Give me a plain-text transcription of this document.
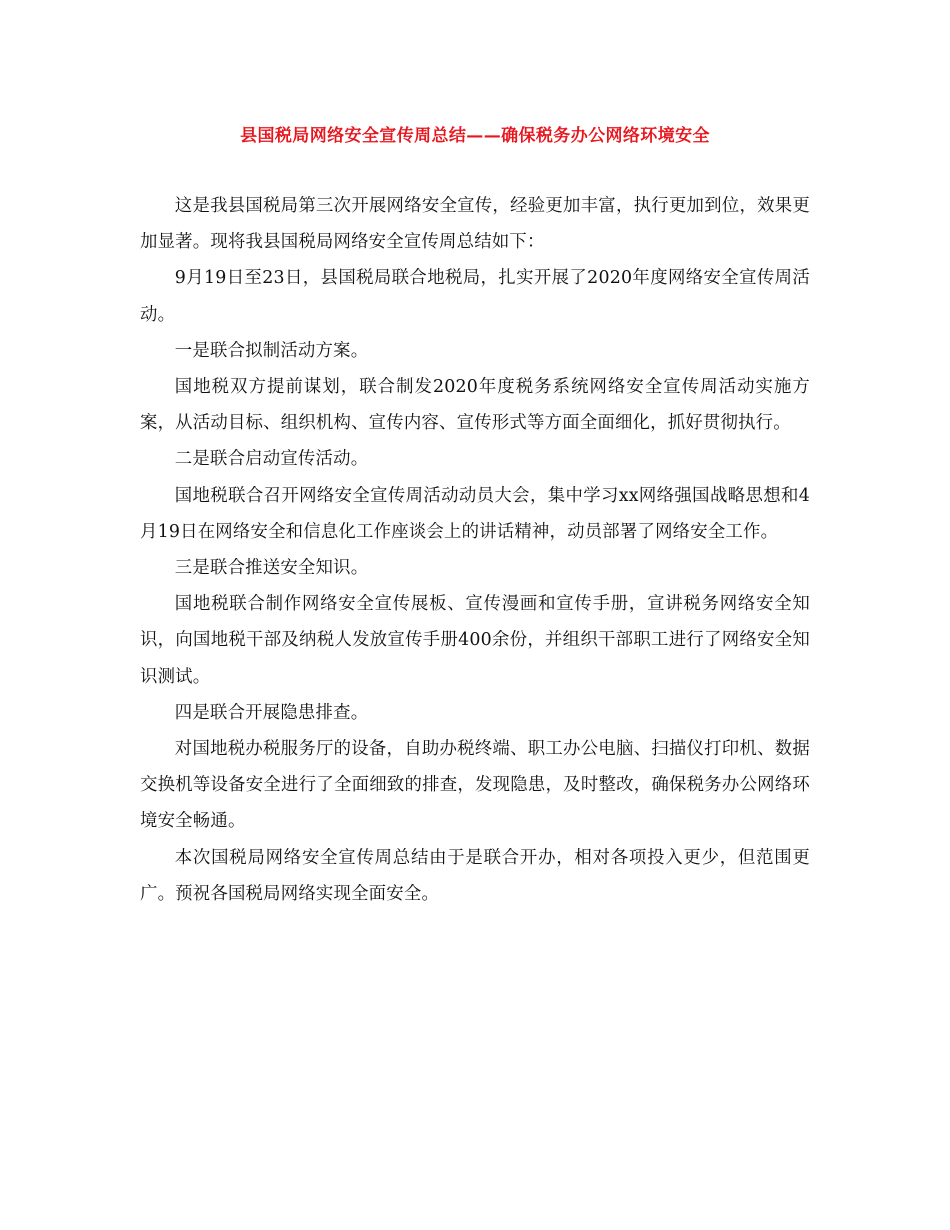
县国税局网络安全宣传周总结——确保税务办公网络环境安全

这是我县国税局第三次开展网络安全宣传，经验更加丰富，执行更加到位，效果更加显著。现将我县国税局网络安全宣传周总结如下：

9月19日至23日，县国税局联合地税局，扎实开展了2020年度网络安全宣传周活动。

一是联合拟制活动方案。

国地税双方提前谋划，联合制发2020年度税务系统网络安全宣传周活动实施方案，从活动目标、组织机构、宣传内容、宣传形式等方面全面细化，抓好贯彻执行。

二是联合启动宣传活动。

国地税联合召开网络安全宣传周活动动员大会，集中学习xx网络强国战略思想和4月19日在网络安全和信息化工作座谈会上的讲话精神，动员部署了网络安全工作。

三是联合推送安全知识。

国地税联合制作网络安全宣传展板、宣传漫画和宣传手册，宣讲税务网络安全知识，向国地税干部及纳税人发放宣传手册400余份，并组织干部职工进行了网络安全知识测试。

四是联合开展隐患排查。

对国地税办税服务厅的设备，自助办税终端、职工办公电脑、扫描仪打印机、数据交换机等设备安全进行了全面细致的排查，发现隐患，及时整改，确保税务办公网络环境安全畅通。

本次国税局网络安全宣传周总结由于是联合开办，相对各项投入更少，但范围更广。预祝各国税局网络实现全面安全。
